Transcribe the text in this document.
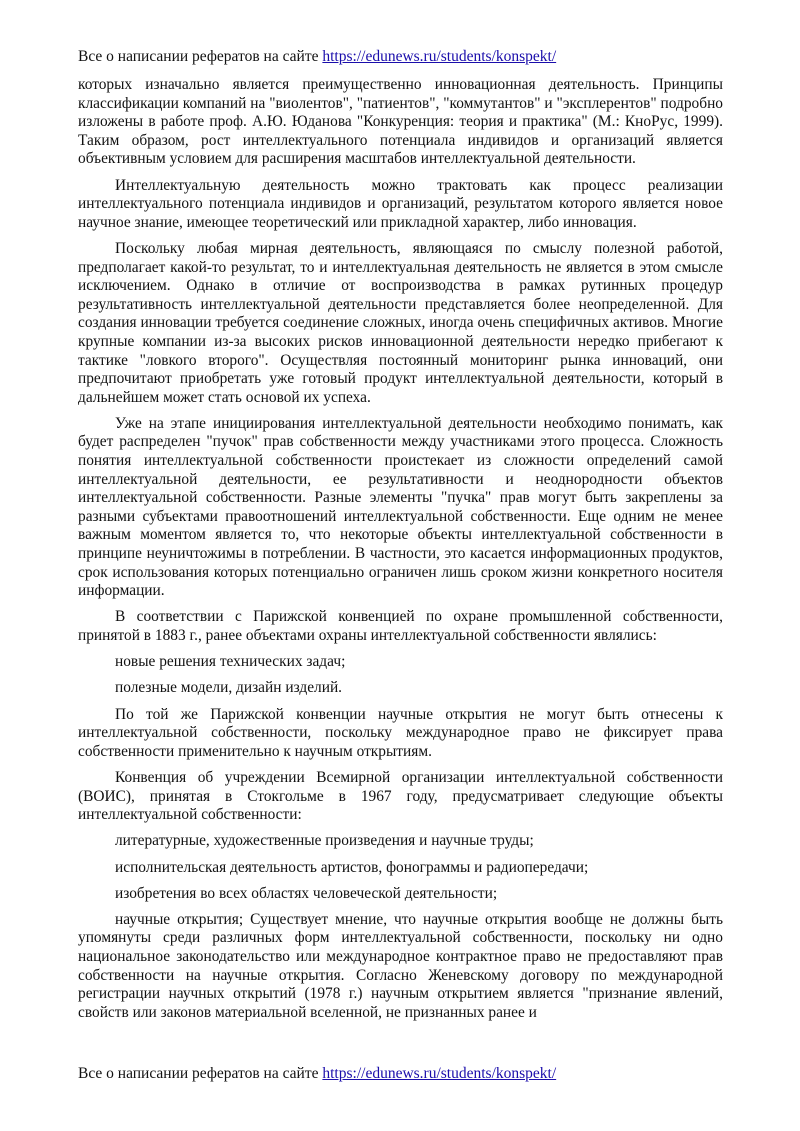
Все о написании рефератов на сайте https://edunews.ru/students/konspekt/

которых изначально является преимущественно инновационная деятельность. Принципы классификации компаний на "виолентов", "патиентов", "коммутантов" и "эксплерентов" подробно изложены в работе проф. А.Ю. Юданова "Конкуренция: теория и практика" (М.: КноРус, 1999). Таким образом, рост интеллектуального потенциала индивидов и организаций является объективным условием для расширения масштабов интеллектуальной деятельности.

Интеллектуальную деятельность можно трактовать как процесс реализации интеллектуального потенциала индивидов и организаций, результатом которого является новое научное знание, имеющее теоретический или прикладной характер, либо инновация.

Поскольку любая мирная деятельность, являющаяся по смыслу полезной работой, предполагает какой-то результат, то и интеллектуальная деятельность не является в этом смысле исключением. Однако в отличие от воспроизводства в рамках рутинных процедур результативность интеллектуальной деятельности представляется более неопределенной. Для создания инновации требуется соединение сложных, иногда очень специфичных активов. Многие крупные компании из-за высоких рисков инновационной деятельности нередко прибегают к тактике "ловкого второго". Осуществляя постоянный мониторинг рынка инноваций, они предпочитают приобретать уже готовый продукт интеллектуальной деятельности, который в дальнейшем может стать основой их успеха.

Уже на этапе инициирования интеллектуальной деятельности необходимо понимать, как будет распределен "пучок" прав собственности между участниками этого процесса. Сложность понятия интеллектуальной собственности проистекает из сложности определений самой интеллектуальной деятельности, ее результативности и неоднородности объектов интеллектуальной собственности. Разные элементы "пучка" прав могут быть закреплены за разными субъектами правоотношений интеллектуальной собственности. Еще одним не менее важным моментом является то, что некоторые объекты интеллектуальной собственности в принципе неуничтожимы в потреблении. В частности, это касается информационных продуктов, срок использования которых потенциально ограничен лишь сроком жизни конкретного носителя информации.

В соответствии с Парижской конвенцией по охране промышленной собственности, принятой в 1883 г., ранее объектами охраны интеллектуальной собственности являлись:

новые решения технических задач;

полезные модели, дизайн изделий.

По той же Парижской конвенции научные открытия не могут быть отнесены к интеллектуальной собственности, поскольку международное право не фиксирует права собственности применительно к научным открытиям.

Конвенция об учреждении Всемирной организации интеллектуальной собственности (ВОИС), принятая в Стокгольме в 1967 году, предусматривает следующие объекты интеллектуальной собственности:

литературные, художественные произведения и научные труды;

исполнительская деятельность артистов, фонограммы и радиопередачи;

изобретения во всех областях человеческой деятельности;

научные открытия; Существует мнение, что научные открытия вообще не должны быть упомянуты среди различных форм интеллектуальной собственности, поскольку ни одно национальное законодательство или международное контрактное право не предоставляют прав собственности на научные открытия. Согласно Женевскому договору по международной регистрации научных открытий (1978 г.) научным открытием является "признание явлений, свойств или законов материальной вселенной, не признанных ранее и

Все о написании рефератов на сайте https://edunews.ru/students/konspekt/
